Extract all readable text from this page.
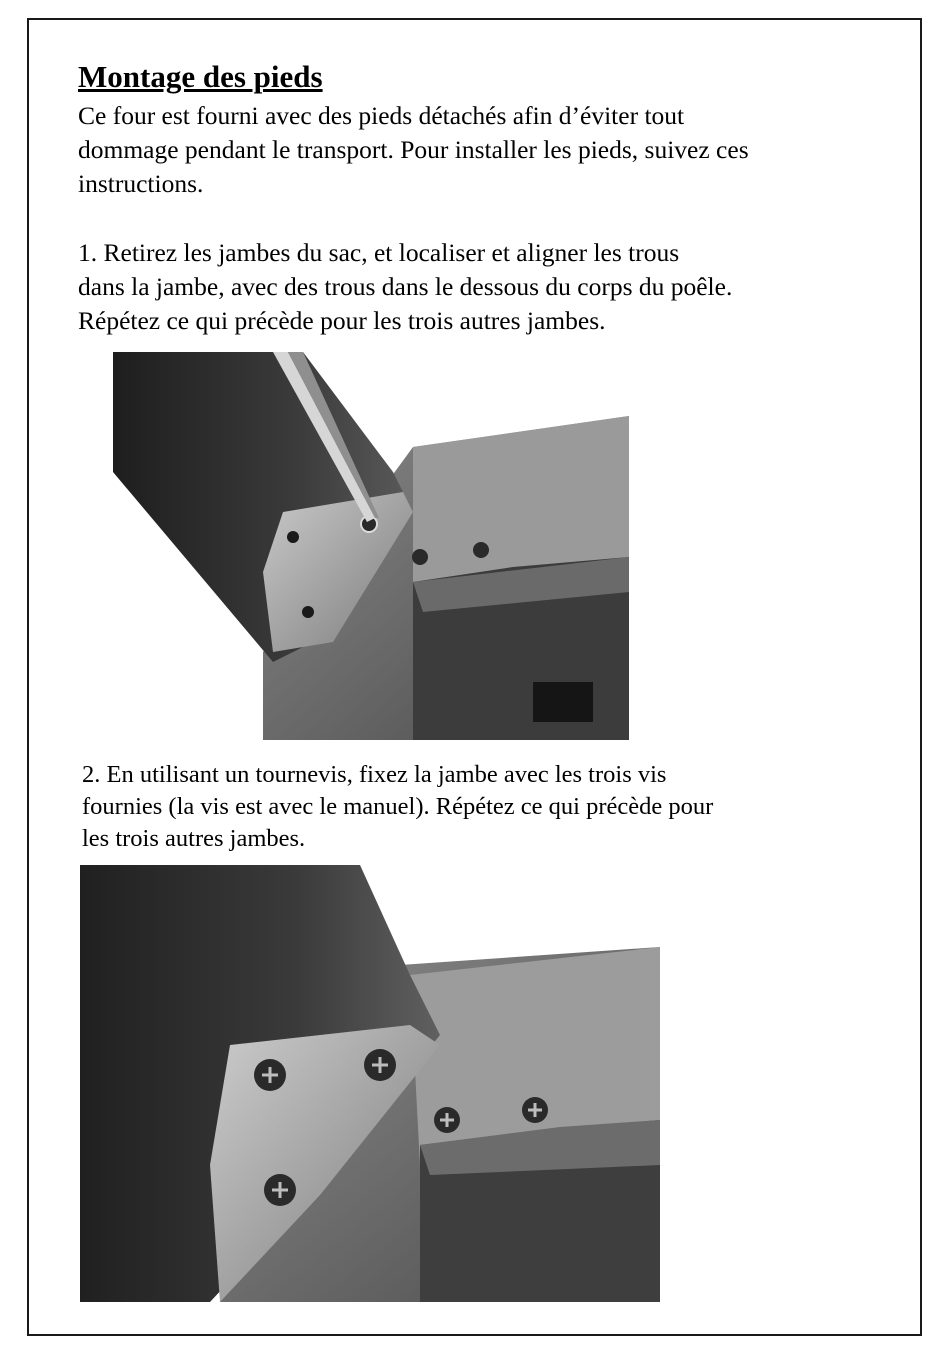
Montage des pieds

Ce four est fourni avec des pieds détachés afin d’éviter tout
dommage pendant le transport. Pour installer les pieds, suivez ces
instructions.

1. Retirez les jambes du sac, et localiser et aligner les trous
dans la jambe, avec des trous dans le dessous du corps du poêle.
Répétez ce qui précède pour les trois autres jambes.

2. En utilisant un tournevis, fixez la jambe avec les trois vis
fournies (la vis est avec le manuel). Répétez ce qui précède pour
les trois autres jambes.
